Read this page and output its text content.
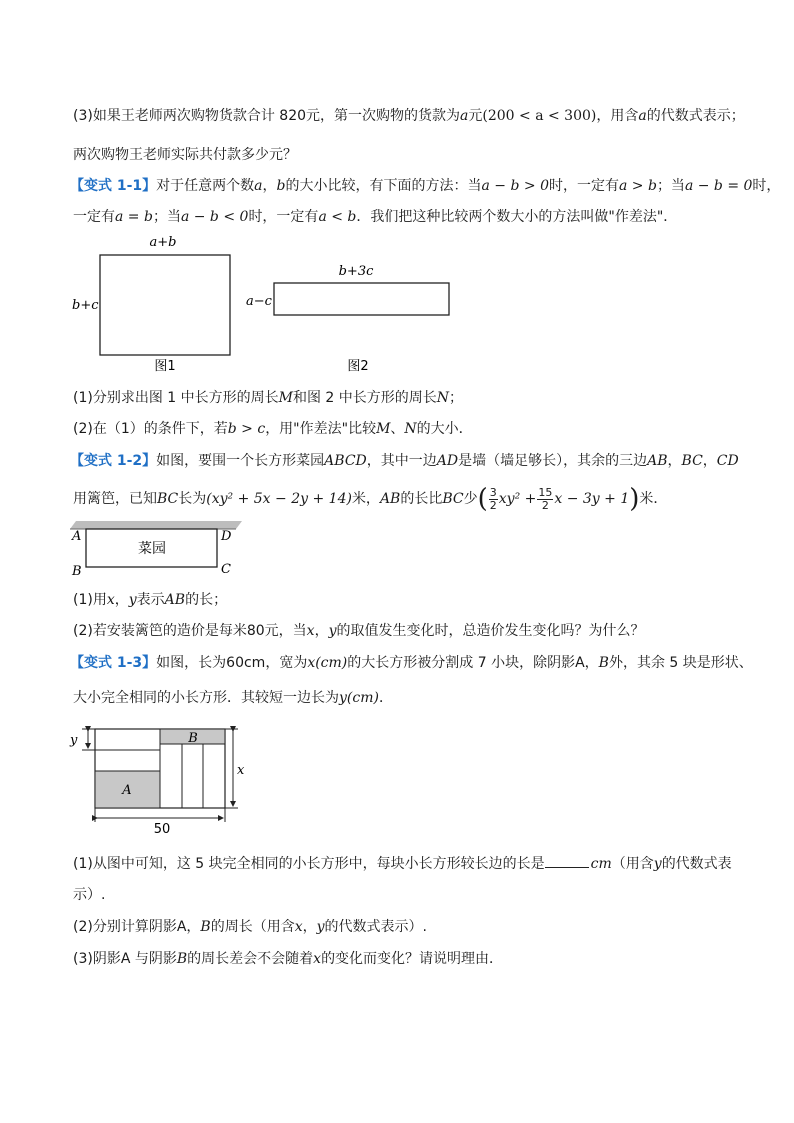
(3)如果王老师两次购物货款合计 820元，第一次购物的货款为a元(200 < a < 300)，用含a的代数式表示；
两次购物王老师实际共付款多少元？
【变式 1-1】对于任意两个数a，b的大小比较，有下面的方法：当a − b > 0时，一定有a > b；当a − b = 0时，
一定有a = b；当a − b < 0时，一定有a < b．我们把这种比较两个数大小的方法叫做"作差法"．
a+b
b+c
图1
b+3c
a−c
图2
(1)分别求出图 1 中长方形的周长M和图 2 中长方形的周长N；
(2)在（1）的条件下，若b > c，用"作差法"比较M、N的大小．
【变式 1-2】如图，要围一个长方形菜园ABCD，其中一边AD是墙（墙足够长），其余的三边AB，BC，CD
用篱笆，已知BC长为(xy² + 5x − 2y + 14)米，AB的长比BC少( $\frac{3}{2} xy^2 + \frac{15}{2}$ x − 3y + 1)米．
菜园
A	D
B	C
(1)用x，y表示AB的长；
(2)若安装篱笆的造价是每米80元，当x，y的取值发生变化时，总造价发生变化吗？为什么？
【变式 1-3】如图，长为60cm，宽为x(cm)的大长方形被分割成 7 小块，除阴影A，B外，其余 5 块是形状、
大小完全相同的小长方形．其较短一边长为y(cm)．
A
B
y
x
50
(1)从图中可知，这 5 块完全相同的小长方形中，每块小长方形较长边的长是	cm（用含y的代数式表
示）.
(2)分别计算阴影A，B的周长（用含x，y的代数式表示）.
(3)阴影A 与阴影B的周长差会不会随着x的变化而变化？请说明理由．
